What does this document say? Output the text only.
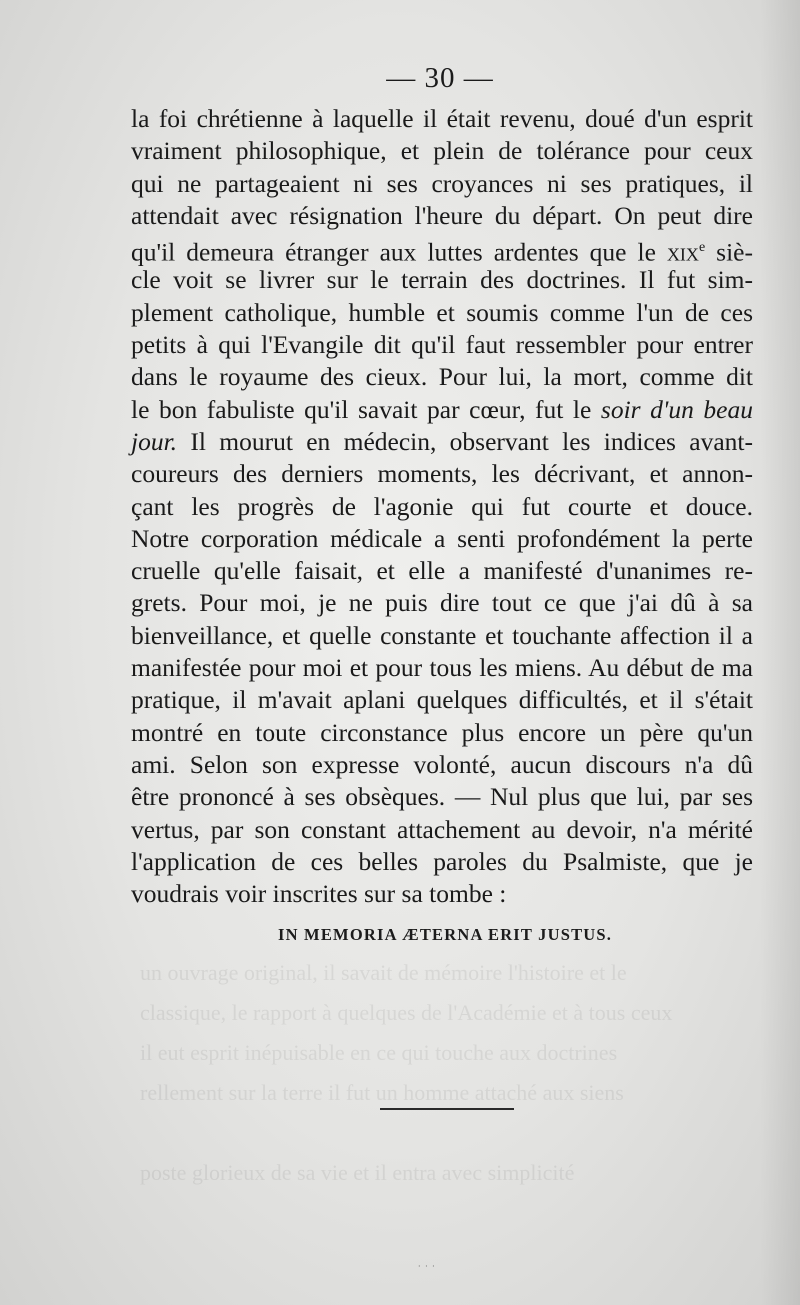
un ouvrage original, il savait de mémoire l'histoire et le
classique, le rapport à quelques de l'Académie et à tous ceux
il eut esprit inépuisable en ce qui touche aux doctrines
rellement sur la terre il fut un homme attaché aux siens
poste glorieux de sa vie et il entra avec simplicité
— 30 —
la foi chrétienne à laquelle il était revenu, doué d'un esprit
vraiment philosophique, et plein de tolérance pour ceux
qui ne partageaient ni ses croyances ni ses pratiques, il
attendait avec résignation l'heure du départ. On peut dire
qu'il demeura étranger aux luttes ardentes que le xix$^e$ siè-
cle voit se livrer sur le terrain des doctrines. Il fut sim-
plement catholique, humble et soumis comme l'un de ces
petits à qui l'Evangile dit qu'il faut ressembler pour entrer
dans le royaume des cieux. Pour lui, la mort, comme dit
le bon fabuliste qu'il savait par cœur, fut le soir d'un beau
jour. Il mourut en médecin, observant les indices avant-
coureurs des derniers moments, les décrivant, et annon-
çant les progrès de l'agonie qui fut courte et douce.
Notre corporation médicale a senti profondément la perte
cruelle qu'elle faisait, et elle a manifesté d'unanimes re-
grets. Pour moi, je ne puis dire tout ce que j'ai dû à sa
bienveillance, et quelle constante et touchante affection il a
manifestée pour moi et pour tous les miens. Au début de ma
pratique, il m'avait aplani quelques difficultés, et il s'était
montré en toute circonstance plus encore un père qu'un
ami. Selon son expresse volonté, aucun discours n'a dû
être prononcé à ses obsèques. — Nul plus que lui, par ses
vertus, par son constant attachement au devoir, n'a mérité
l'application de ces belles paroles du Psalmiste, que je
voudrais voir inscrites sur sa tombe :
IN MEMORIA ÆTERNA ERIT JUSTUS.
· · ·
